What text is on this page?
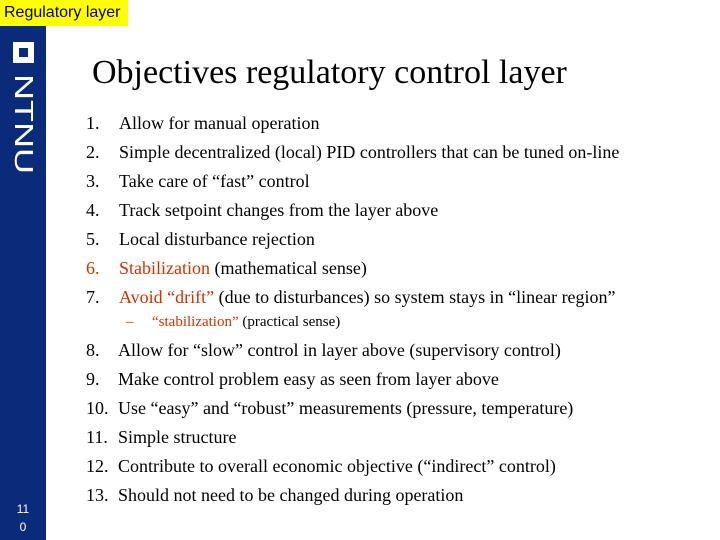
NTNU
11
0
Regulatory layer
Objectives regulatory control layer
1. Allow for manual operation
2. Simple decentralized (local) PID controllers that can be tuned on-line
3. Take care of “fast” control
4. Track setpoint changes from the layer above
5. Local disturbance rejection
6. Stabilization (mathematical sense)
7. Avoid “drift” (due to disturbances) so system stays in “linear region”
– “stabilization” (practical sense)
8. Allow for “slow” control in layer above (supervisory control)
9. Make control problem easy as seen from layer above
10. Use “easy” and “robust” measurements (pressure, temperature)
11. Simple structure
12. Contribute to overall economic objective (“indirect” control)
13. Should not need to be changed during operation
